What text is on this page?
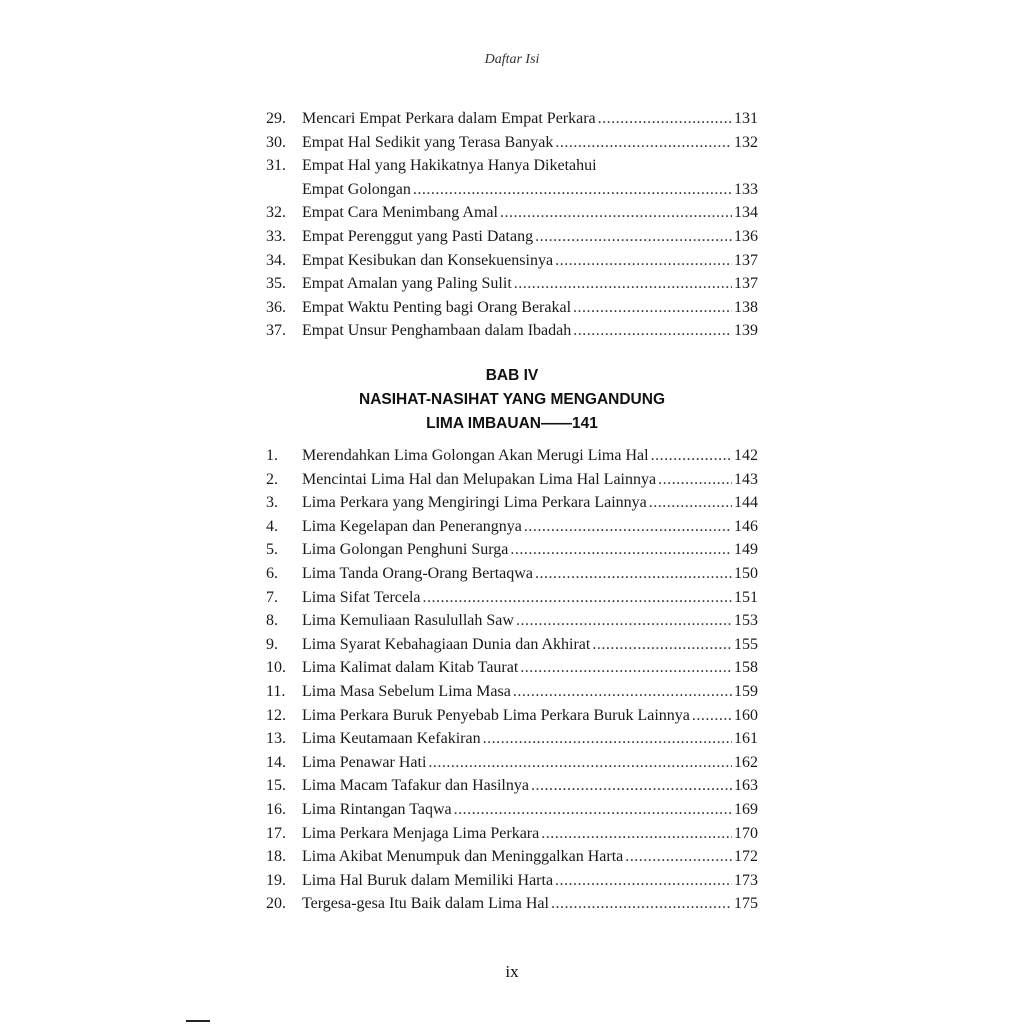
Daftar Isi
29.	Mencari Empat Perkara dalam Empat Perkara .....	131
30.	Empat Hal Sedikit yang Terasa Banyak .....	132
31.	Empat Hal yang Hakikatnya Hanya Diketahui
Empat Golongan .....	133
32.	Empat Cara Menimbang Amal .....	134
33.	Empat Perenggut yang Pasti Datang .....	136
34.	Empat Kesibukan dan Konsekuensinya .....	137
35.	Empat Amalan yang Paling Sulit .....	137
36.	Empat Waktu Penting bagi Orang Berakal .....	138
37.	Empat Unsur Penghambaan dalam Ibadah .....	139
BAB IV
NASIHAT-NASIHAT YANG MENGANDUNG
LIMA IMBAUAN——141
1.	Merendahkan Lima Golongan Akan Merugi Lima Hal .....	142
2.	Mencintai Lima Hal dan Melupakan Lima Hal Lainnya .....	143
3.	Lima Perkara yang Mengiringi Lima Perkara Lainnya .....	144
4.	Lima Kegelapan dan Penerangnya .....	146
5.	Lima Golongan Penghuni Surga .....	149
6.	Lima Tanda Orang-Orang Bertaqwa .....	150
7.	Lima Sifat Tercela .....	151
8.	Lima Kemuliaan Rasulullah Saw .....	153
9.	Lima Syarat Kebahagiaan Dunia dan Akhirat .....	155
10.	Lima Kalimat dalam Kitab Taurat .....	158
11.	Lima Masa Sebelum Lima Masa .....	159
12.	Lima Perkara Buruk Penyebab Lima Perkara Buruk Lainnya .....	160
13.	Lima Keutamaan Kefakiran .....	161
14.	Lima Penawar Hati .....	162
15.	Lima Macam Tafakur dan Hasilnya .....	163
16.	Lima Rintangan Taqwa .....	169
17.	Lima Perkara Menjaga Lima Perkara .....	170
18.	Lima Akibat Menumpuk dan Meninggalkan Harta .....	172
19.	Lima Hal Buruk dalam Memiliki Harta .....	173
20.	Tergesa-gesa Itu Baik dalam Lima Hal .....	175
ix
